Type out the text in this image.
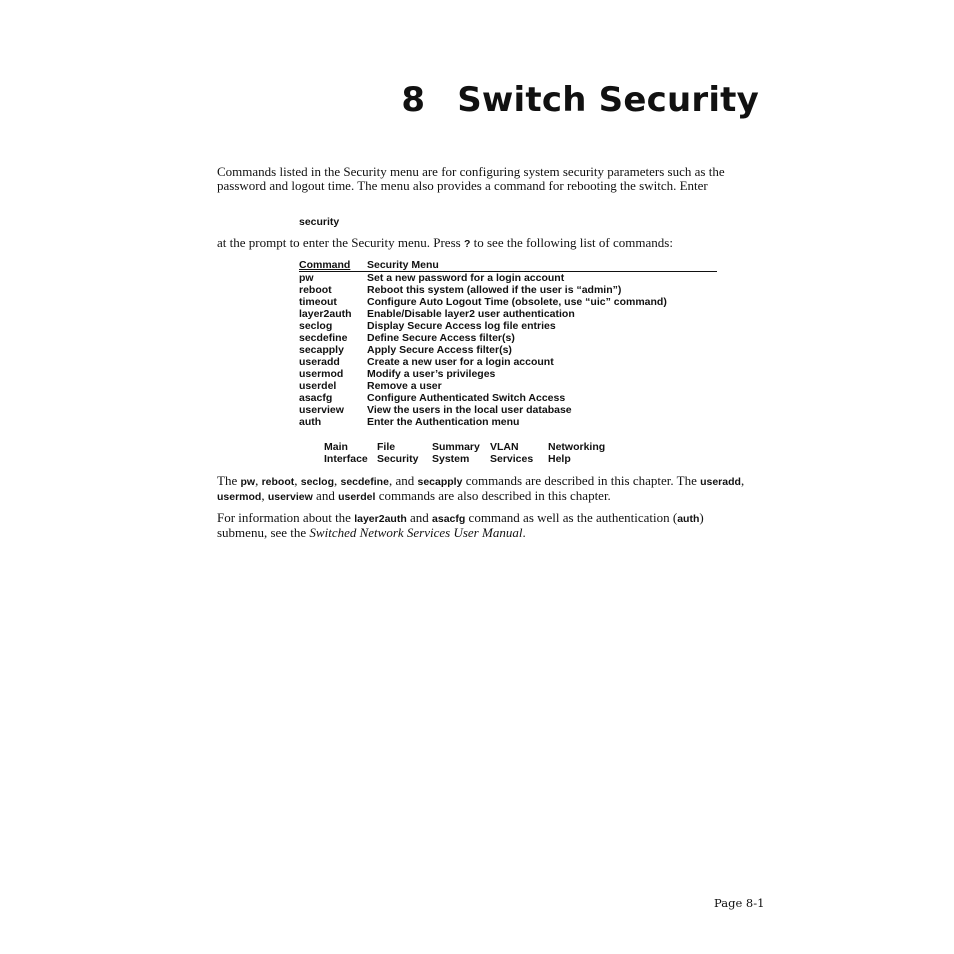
8 Switch Security

Commands listed in the Security menu are for configuring system security parameters such as the password and logout time. The menu also provides a command for rebooting the switch. Enter

security

at the prompt to enter the Security menu. Press ? to see the following list of commands:

Command	Security Menu
pw	Set a new password for a login account
reboot	Reboot this system (allowed if the user is “admin”)
timeout	Configure Auto Logout Time (obsolete, use “uic” command)
layer2auth	Enable/Disable layer2 user authentication
seclog	Display Secure Access log file entries
secdefine	Define Secure Access filter(s)
secapply	Apply Secure Access filter(s)
useradd	Create a new user for a login account
usermod	Modify a user’s privileges
userdel	Remove a user
asacfg	Configure Authenticated Switch Access
userview	View the users in the local user database
auth	Enter the Authentication menu
Main	File	Summary VLAN	Networking
Interface Security System Services Help

The pw, reboot, seclog, secdefine, and secapply commands are described in this chapter. The useradd, usermod, userview and userdel commands are also described in this chapter.

For information about the layer2auth and asacfg command as well as the authentication (auth) submenu, see the Switched Network Services User Manual.

Page 8-1
